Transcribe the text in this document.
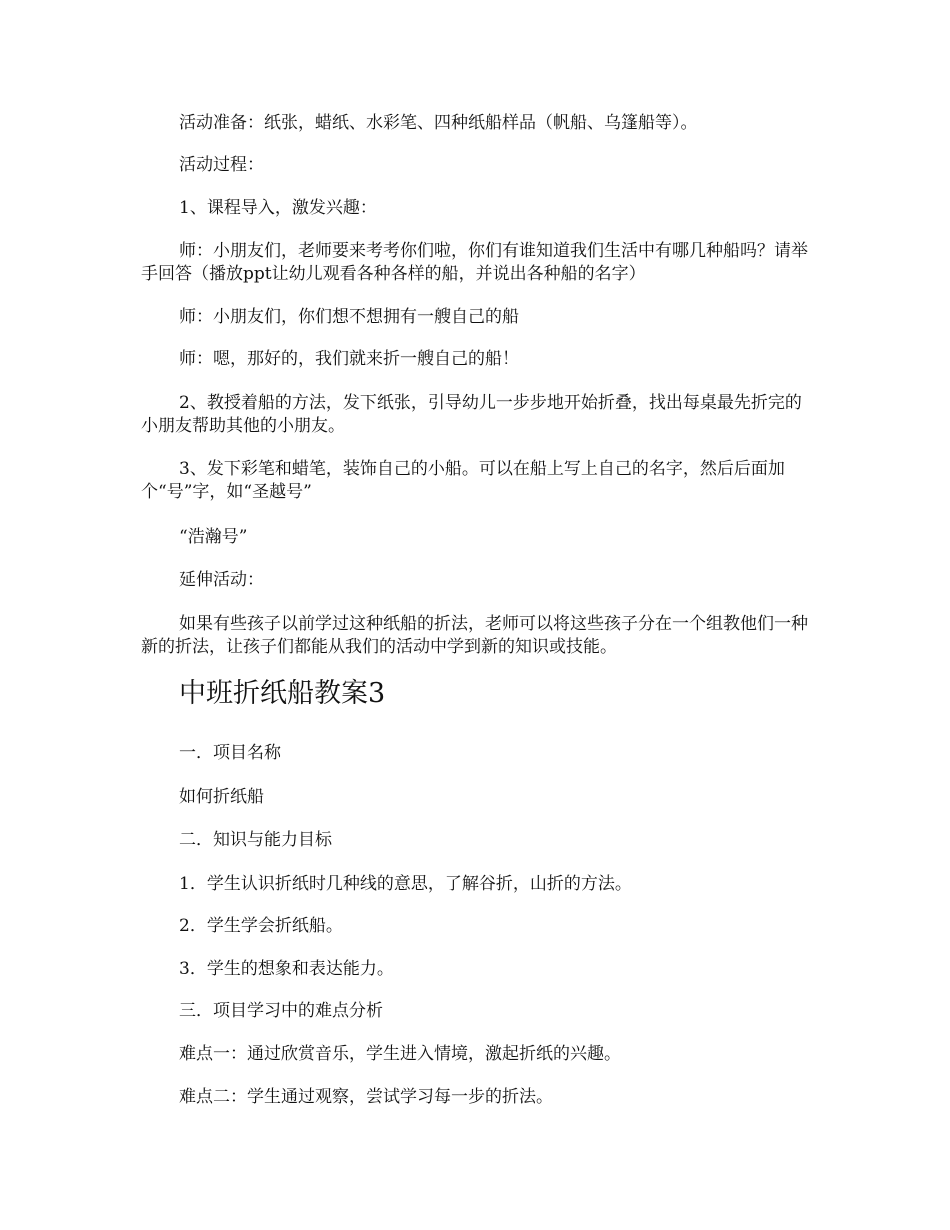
活动准备：纸张，蜡纸、水彩笔、四种纸船样品（帆船、乌篷船等）。

活动过程：

1、课程导入，激发兴趣：

师：小朋友们，老师要来考考你们啦，你们有谁知道我们生活中有哪几种船吗？请举手回答（播放ppt让幼儿观看各种各样的船，并说出各种船的名字）

师：小朋友们，你们想不想拥有一艘自己的船

师：嗯，那好的，我们就来折一艘自己的船！

2、教授着船的方法，发下纸张，引导幼儿一步步地开始折叠，找出每桌最先折完的小朋友帮助其他的小朋友。

3、发下彩笔和蜡笔，装饰自己的小船。可以在船上写上自己的名字，然后后面加个“号”字，如“圣越号”

“浩瀚号”

延伸活动：

如果有些孩子以前学过这种纸船的折法，老师可以将这些孩子分在一个组教他们一种新的折法，让孩子们都能从我们的活动中学到新的知识或技能。

中班折纸船教案3

一．项目名称

如何折纸船

二．知识与能力目标

1．学生认识折纸时几种线的意思，了解谷折，山折的方法。

2．学生学会折纸船。

3．学生的想象和表达能力。

三．项目学习中的难点分析

难点一：通过欣赏音乐，学生进入情境，激起折纸的兴趣。

难点二：学生通过观察，尝试学习每一步的折法。
